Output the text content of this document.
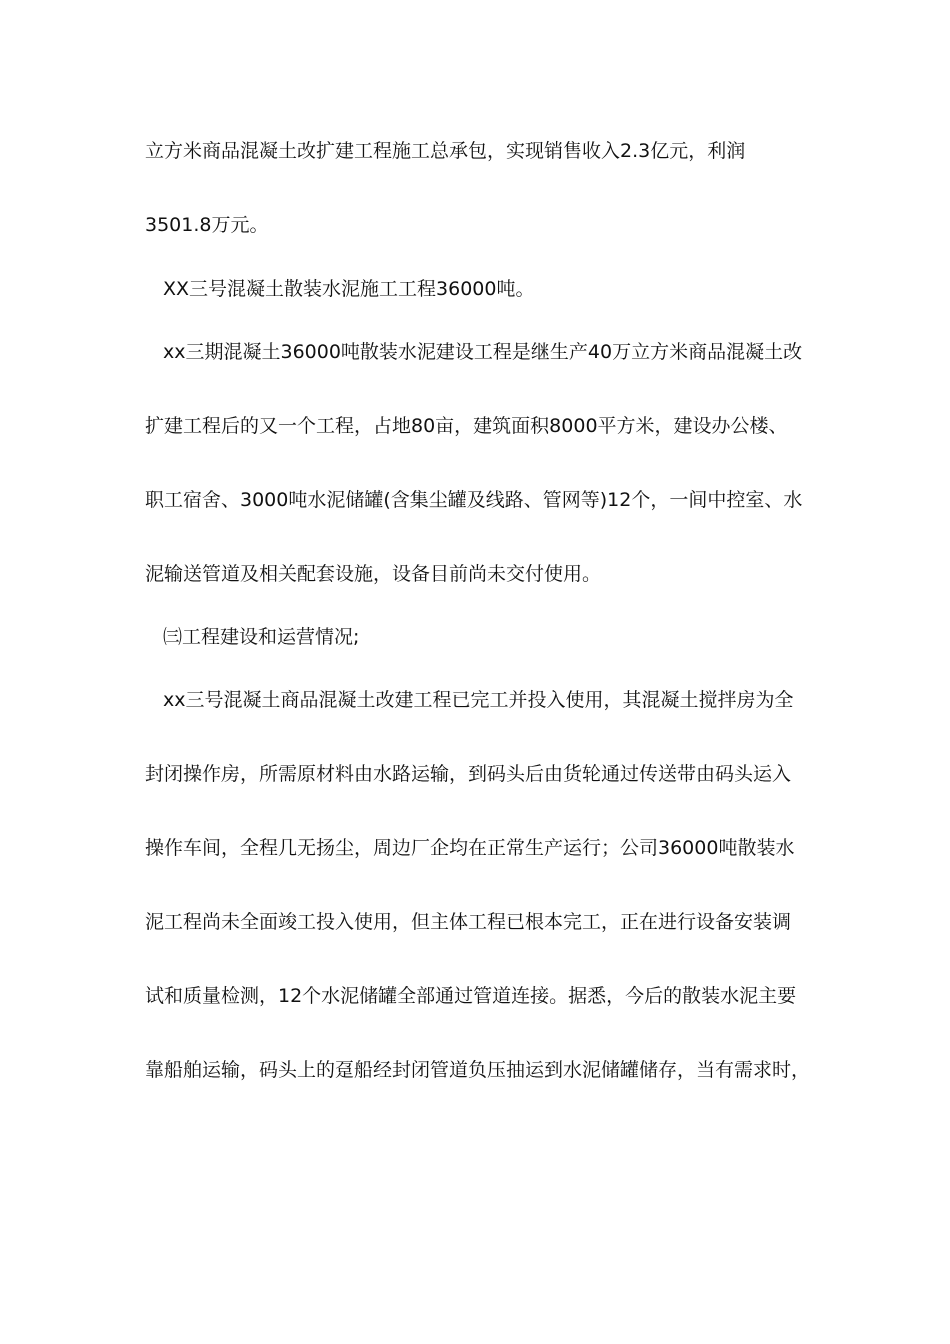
立方米商品混凝土改扩建工程施工总承包，实现销售收入2.3亿元，利润
3501.8万元。
XX三号混凝土散装水泥施工工程36000吨。
xx三期混凝土36000吨散装水泥建设工程是继生产40万立方米商品混凝土改
扩建工程后的又一个工程，占地80亩，建筑面积8000平方米，建设办公楼、
职工宿舍、3000吨水泥储罐(含集尘罐及线路、管网等)12个，一间中控室、水
泥输送管道及相关配套设施，设备目前尚未交付使用。
㈢工程建设和运营情况;
xx三号混凝土商品混凝土改建工程已完工并投入使用，其混凝土搅拌房为全
封闭操作房，所需原材料由水路运输，到码头后由货轮通过传送带由码头运入
操作车间，全程几无扬尘，周边厂企均在正常生产运行；公司36000吨散装水
泥工程尚未全面竣工投入使用，但主体工程已根本完工，正在进行设备安装调
试和质量检测，12个水泥储罐全部通过管道连接。据悉，今后的散装水泥主要
靠船舶运输，码头上的趸船经封闭管道负压抽运到水泥储罐储存，当有需求时，
